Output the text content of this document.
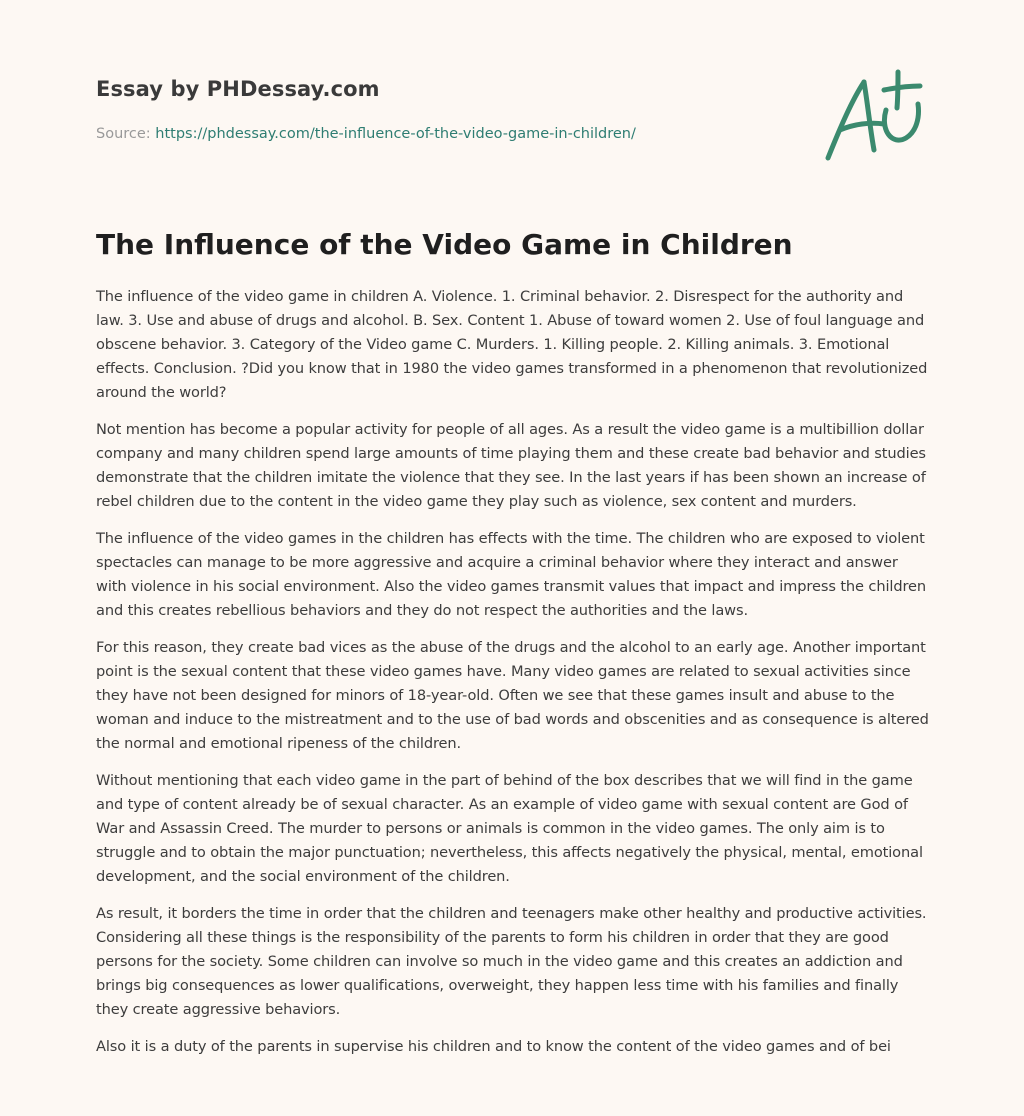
Essay by PHDessay.com

Source: https://phdessay.com/the-influence-of-the-video-game-in-children/
The Influence of the Video Game in Children

The influence of the video game in children A. Violence. 1. Criminal behavior. 2. Disrespect for the authority and law. 3. Use and abuse of drugs and alcohol. B. Sex. Content 1. Abuse of toward women 2. Use of foul language and obscene behavior. 3. Category of the Video game C. Murders. 1. Killing people. 2. Killing animals. 3. Emotional effects. Conclusion. ?Did you know that in 1980 the video games transformed in a phenomenon that revolutionized around the world?

Not mention has become a popular activity for people of all ages. As a result the video game is a multibillion dollar company and many children spend large amounts of time playing them and these create bad behavior and studies demonstrate that the children imitate the violence that they see. In the last years if has been shown an increase of rebel children due to the content in the video game they play such as violence, sex content and murders.

The influence of the video games in the children has effects with the time. The children who are exposed to violent spectacles can manage to be more aggressive and acquire a criminal behavior where they interact and answer with violence in his social environment. Also the video games transmit values that impact and impress the children and this creates rebellious behaviors and they do not respect the authorities and the laws.

For this reason, they create bad vices as the abuse of the drugs and the alcohol to an early age. Another important point is the sexual content that these video games have. Many video games are related to sexual activities since they have not been designed for minors of 18-year-old. Often we see that these games insult and abuse to the woman and induce to the mistreatment and to the use of bad words and obscenities and as consequence is altered the normal and emotional ripeness of the children.

Without mentioning that each video game in the part of behind of the box describes that we will find in the game and type of content already be of sexual character. As an example of video game with sexual content are God of War and Assassin Creed. The murder to persons or animals is common in the video games. The only aim is to struggle and to obtain the major punctuation; nevertheless, this affects negatively the physical, mental, emotional development, and the social environment of the children.

As result, it borders the time in order that the children and teenagers make other healthy and productive activities. Considering all these things is the responsibility of the parents to form his children in order that they are good persons for the society. Some children can involve so much in the video game and this creates an addiction and brings big consequences as lower qualifications, overweight, they happen less time with his families and finally they create aggressive behaviors.

Also it is a duty of the parents in supervise his children and to know the content of the video games and of bei
